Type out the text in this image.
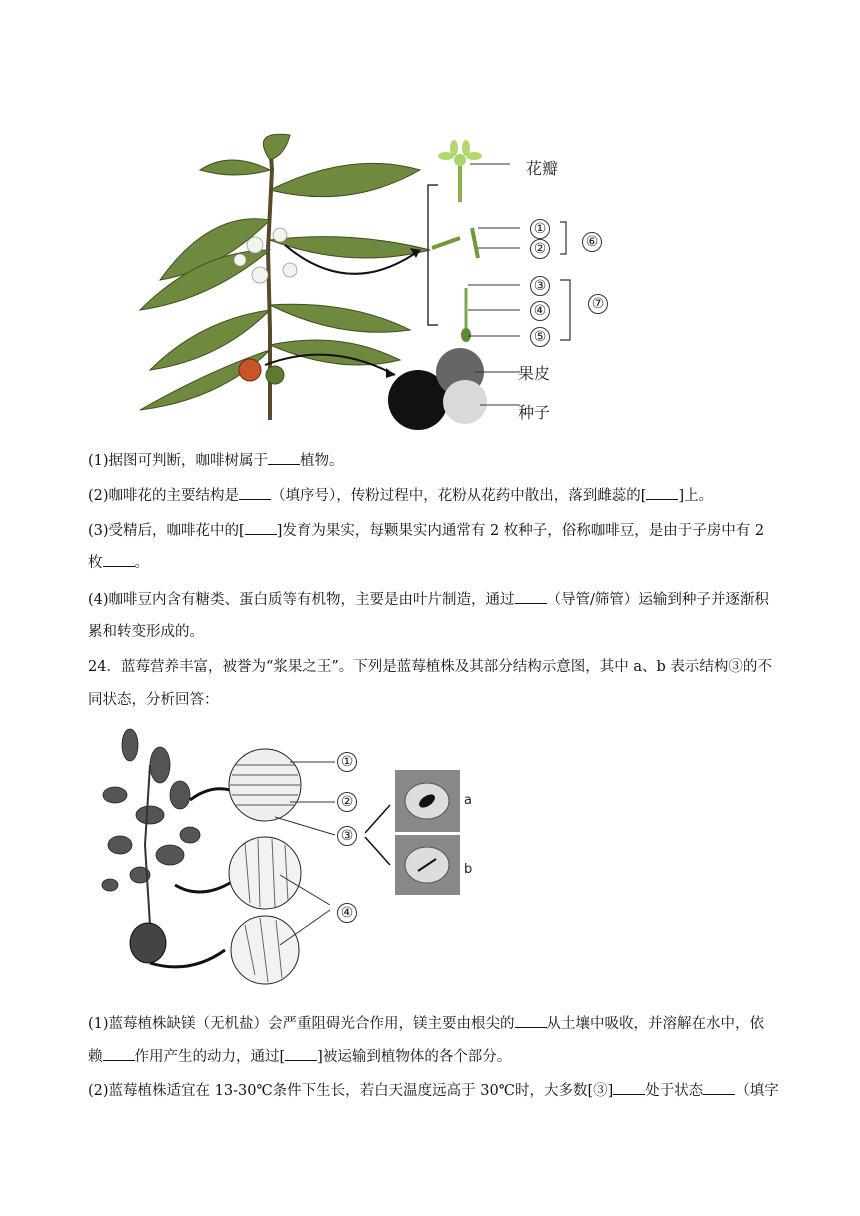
花瓣
果皮
种子
①
②	⑥
③
④
⑤
⑦
(1)据图可判断，咖啡树属于 植物。
(2)咖啡花的主要结构是 （填序号），传粉过程中，花粉从花药中散出，落到雌蕊的[ ]上。
(3)受精后，咖啡花中的[ ]发育为果实，每颗果实内通常有 2 枚种子，俗称咖啡豆，是由于子房中有 2
枚 。
(4)咖啡豆内含有糖类、蛋白质等有机物，主要是由叶片制造，通过 （导管/筛管）运输到种子并逐渐积
累和转变形成的。
24．蓝莓营养丰富，被誉为“浆果之王”。下列是蓝莓植株及其部分结构示意图，其中 a、b 表示结构③的不
同状态，分析回答：
①
②
③
④
a
b
(1)蓝莓植株缺镁（无机盐）会严重阻碍光合作用，镁主要由根尖的 从土壤中吸收，并溶解在水中，依
赖 作用产生的动力，通过[ ]被运输到植物体的各个部分。
(2)蓝莓植株适宜在 13-30℃条件下生长，若白天温度远高于 30℃时，大多数[③] 处于状态 （填字
